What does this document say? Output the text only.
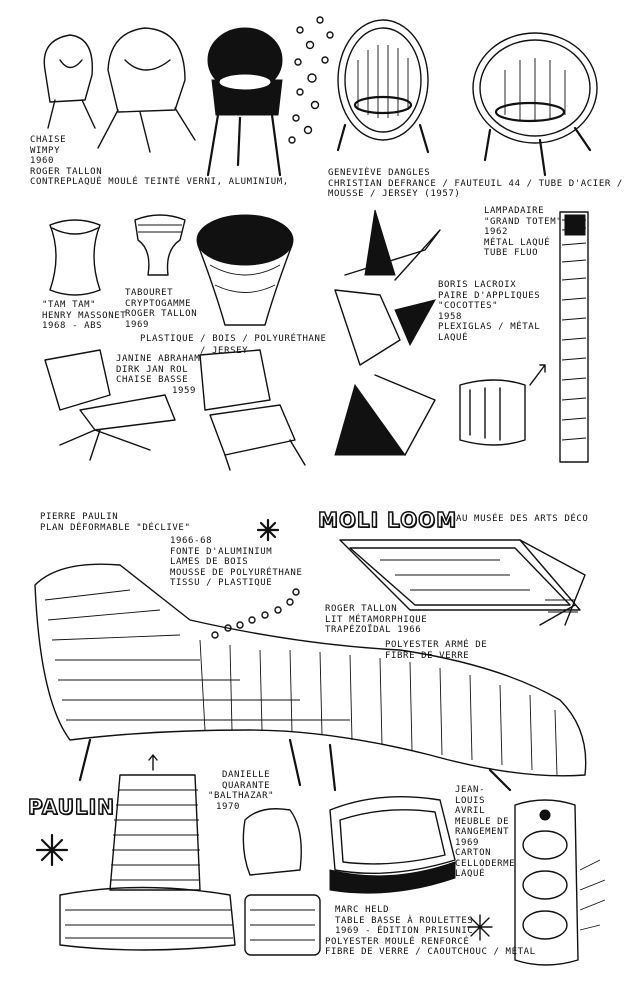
CHAISE
WIMPY
1960
ROGER TALLON
CONTREPLAQUÉ MOULÉ TEINTÉ VERNI, ALUMINIUM,
GENEVIÈVE DANGLES
CHRISTIAN DEFRANCE / FAUTEUIL 44 / TUBE D'ACIER /
MOUSSE / JERSEY (1957)
LAMPADAIRE
"GRAND TOTEM"
1962
MÉTAL LAQUÉ
TUBE FLUO
"TAM TAM"
HENRY MASSONET
1968 - ABS
TABOURET
CRYPTOGAMME
ROGER TALLON
1969
PLASTIQUE / BOIS / POLYURÉTHANE
/ JERSEY
BORIS LACROIX
PAIRE D'APPLIQUES
"COCOTTES"
1958
PLEXIGLAS / MÉTAL
LAQUÉ
JANINE ABRAHAM
DIRK JAN ROL
CHAISE BASSE
1959
PIERRE PAULIN
PLAN DÉFORMABLE "DÉCLIVE"
1966-68
FONTE D'ALUMINIUM
LAMES DE BOIS
MOUSSE DE POLYURÉTHANE
TISSU / PLASTIQUE
MOLI LOOM AU MUSÉE DES ARTS DÉCO
ROGER TALLON
LIT MÉTAMORPHIQUE
TRAPÉZOÏDAL 1966
POLYESTER ARMÉ DE
FIBRE DE VERRE
PAULIN
DANIELLE
QUARANTE
"BALTHAZAR"
1970
JEAN-
LOUIS
AVRIL
MEUBLE DE
RANGEMENT
1969
CARTON
CELLODERME
LAQUÉ
MARC HELD
TABLE BASSE À ROULETTES
1969 - ÉDITION PRISUNIC
POLYESTER MOULÉ RENFORCÉ
FIBRE DE VERRE / CAOUTCHOUC / MÉTAL
